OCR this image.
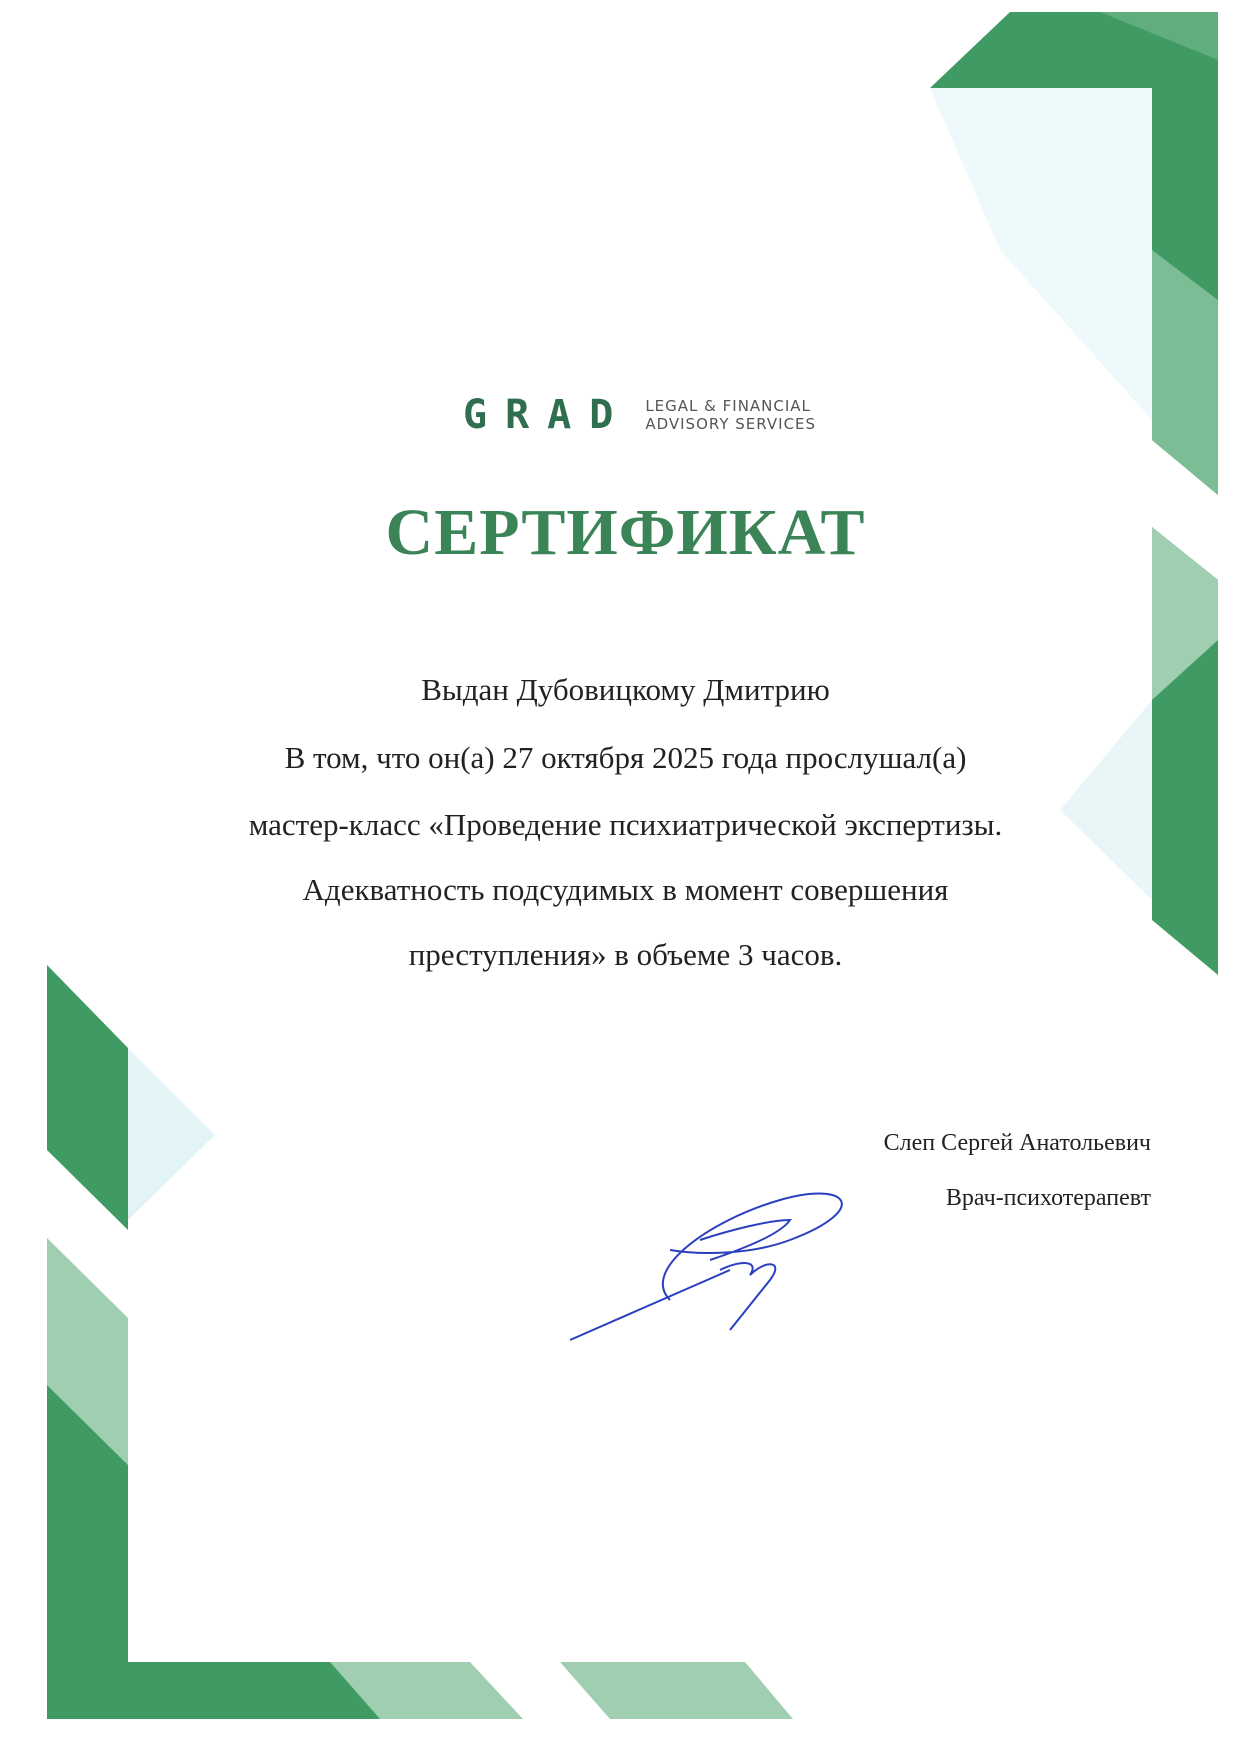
GRAD LEGAL & FINANCIAL
ADVISORY SERVICES
СЕРТИФИКАТ
Выдан Дубовицкому Дмитрию
В том, что он(а) 27 октября 2025 года прослушал(а)
мастер-класс «Проведение психиатрической экспертизы.
Адекватность подсудимых в момент совершения
преступления» в объеме 3 часов.
Слеп Сергей Анатольевич
Врач-психотерапевт
